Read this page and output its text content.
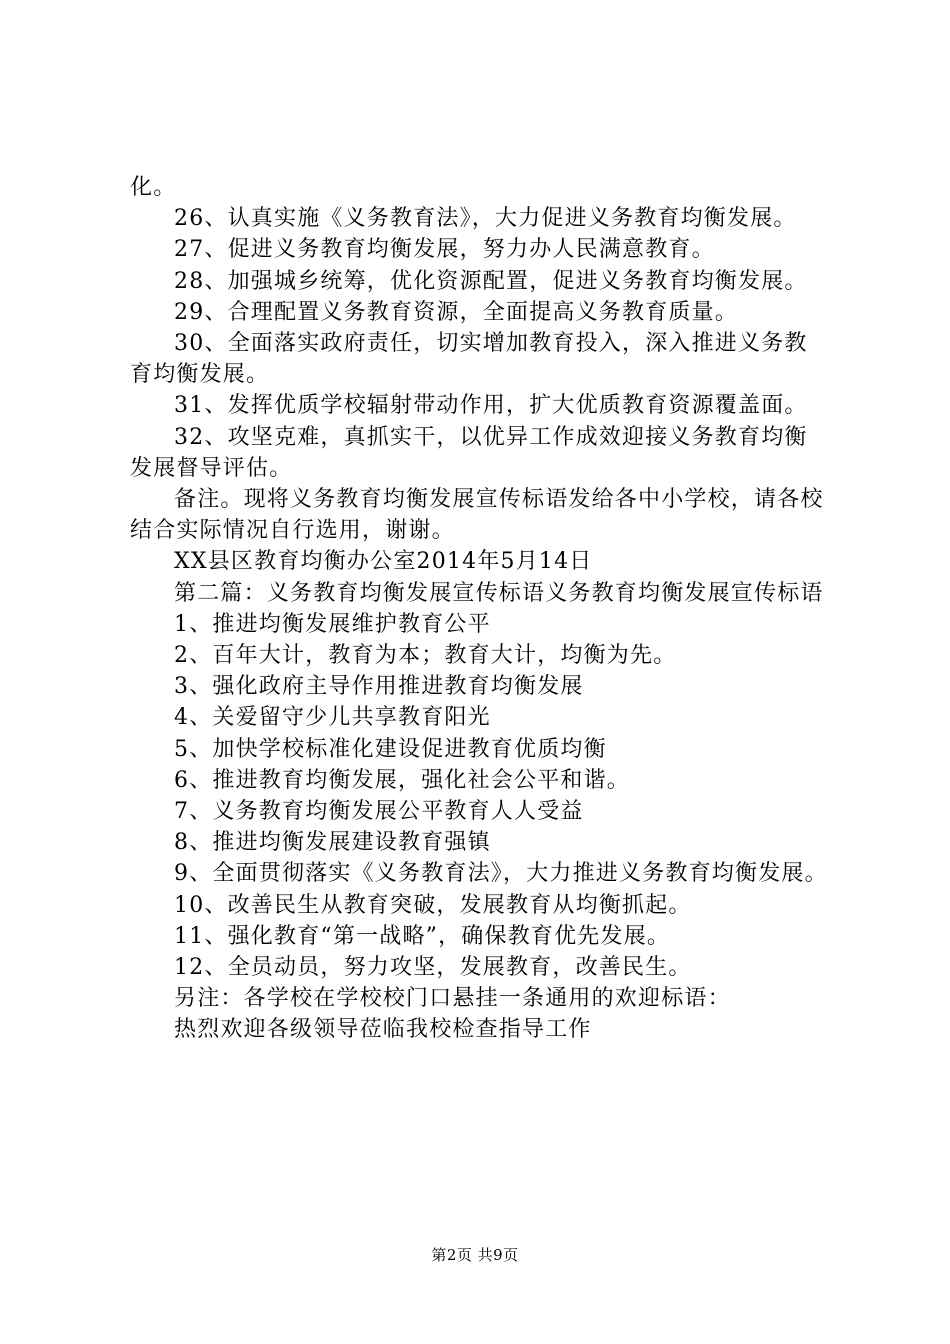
化。

26、认真实施《义务教育法》，大力促进义务教育均衡发展。

27、促进义务教育均衡发展，努力办人民满意教育。

28、加强城乡统筹，优化资源配置，促进义务教育均衡发展。

29、合理配置义务教育资源，全面提高义务教育质量。

30、全面落实政府责任，切实增加教育投入，深入推进义务教育均衡发展。

31、发挥优质学校辐射带动作用，扩大优质教育资源覆盖面。

32、攻坚克难，真抓实干，以优异工作成效迎接义务教育均衡发展督导评估。

备注。现将义务教育均衡发展宣传标语发给各中小学校，请各校结合实际情况自行选用，谢谢。

XX县区教育均衡办公室2014年5月14日

第二篇：义务教育均衡发展宣传标语义务教育均衡发展宣传标语

1、推进均衡发展维护教育公平

2、百年大计，教育为本；教育大计，均衡为先。

3、强化政府主导作用推进教育均衡发展

4、关爱留守少儿共享教育阳光

5、加快学校标准化建设促进教育优质均衡

6、推进教育均衡发展，强化社会公平和谐。

7、义务教育均衡发展公平教育人人受益

8、推进均衡发展建设教育强镇

9、全面贯彻落实《义务教育法》，大力推进义务教育均衡发展。

10、改善民生从教育突破，发展教育从均衡抓起。

11、强化教育“第一战略”，确保教育优先发展。

12、全员动员，努力攻坚，发展教育，改善民生。

另注：各学校在学校校门口悬挂一条通用的欢迎标语：

热烈欢迎各级领导莅临我校检查指导工作

第2页 共9页
